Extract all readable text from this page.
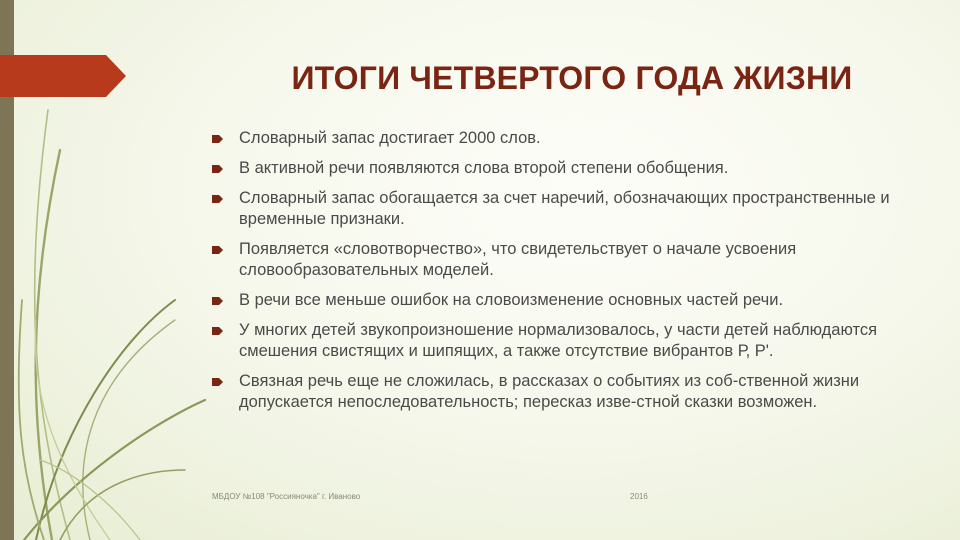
ИТОГИ ЧЕТВЕРТОГО ГОДА ЖИЗНИ
Словарный запас достигает 2000 слов.
В активной речи появляются слова второй степени обобщения.
Словарный запас обогащается за счет наречий, обозначающих пространственные и временные признаки.
Появляется «словотворчество», что свидетельствует о начале усвоения словообразовательных моделей.
В речи все меньше ошибок на словоизменение основных частей речи.
У многих детей звукопроизношение нормализовалось, у части детей наблюдаются смешения свистящих и шипящих, а также отсутствие вибрантов Р, Р'.
Связная речь еще не сложилась, в рассказах о событиях из соб-ственной жизни допускается непоследовательность; пересказ изве-стной сказки возможен.
МБДОУ №108 "Россияночка" г. Иваново	2016
